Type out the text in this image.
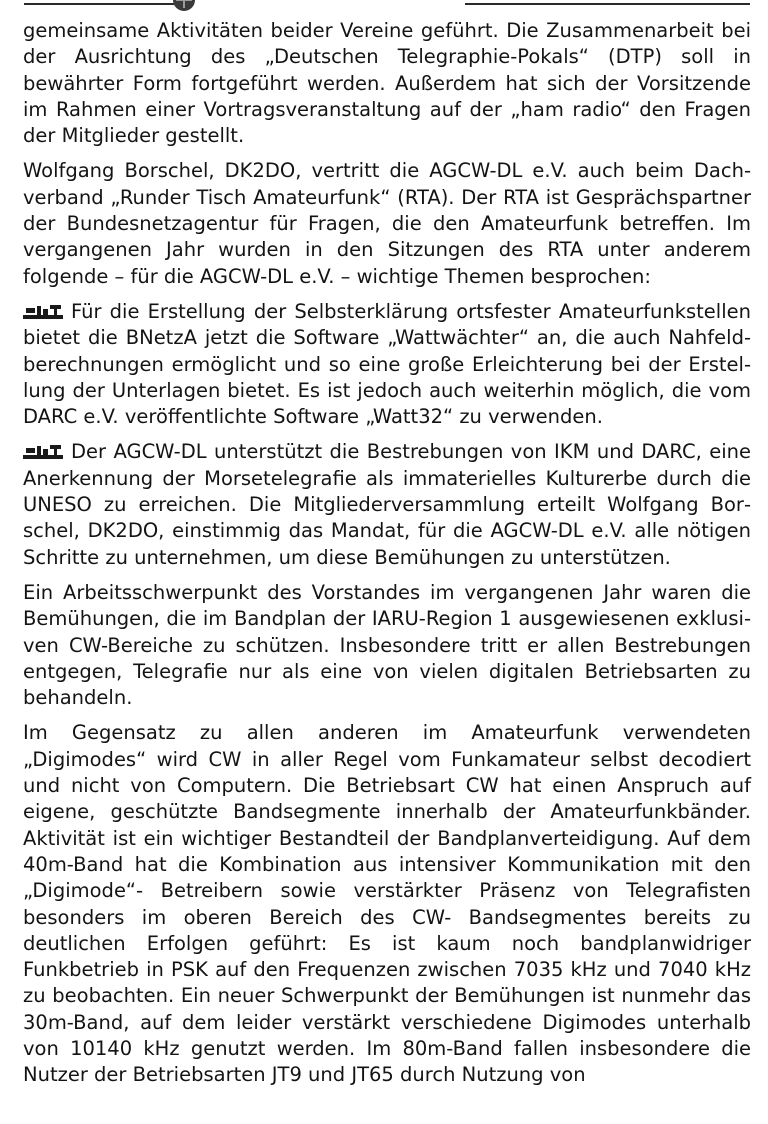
gemeinsame Aktivitäten beider Vereine geführt. Die Zusammenarbeit bei der Ausrichtung des „Deutschen Telegraphie-Pokals“ (DTP) soll in bewährter Form fortgeführt werden. Außerdem hat sich der Vorsitzende im Rahmen einer Vortragsveranstaltung auf der „ham radio“ den Fragen der Mitglieder gestellt.

Wolfgang Borschel, DK2DO, vertritt die AGCW-DL e.V. auch beim Dachverband „Runder Tisch Amateurfunk“ (RTA). Der RTA ist Gesprächspartner der Bundesnetzagentur für Fragen, die den Amateurfunk betreffen. Im vergangenen Jahr wurden in den Sitzungen des RTA unter anderem folgende – für die AGCW-DL e.V. – wichtige Themen besprochen:

Für die Erstellung der Selbsterklärung ortsfester Amateurfunkstellen bietet die BNetzA jetzt die Software „Wattwächter“ an, die auch Nahfeldberechnungen ermöglicht und so eine große Erleichterung bei der Erstellung der Unterlagen bietet. Es ist jedoch auch weiterhin möglich, die vom DARC e.V. veröffentlichte Software „Watt32“ zu verwenden.

Der AGCW-DL unterstützt die Bestrebungen von IKM und DARC, eine Anerkennung der Morsetelegrafie als immaterielles Kulturerbe durch die UNESO zu erreichen. Die Mitgliederversammlung erteilt Wolfgang Borschel, DK2DO, einstimmig das Mandat, für die AGCW-DL e.V. alle nötigen Schritte zu unternehmen, um diese Bemühungen zu unterstützen.

Ein Arbeitsschwerpunkt des Vorstandes im vergangenen Jahr waren die Bemühungen, die im Bandplan der IARU-Region 1 ausgewiesenen exklusiven CW-Bereiche zu schützen. Insbesondere tritt er allen Bestrebungen entgegen, Telegrafie nur als eine von vielen digitalen Betriebsarten zu behandeln.

Im Gegensatz zu allen anderen im Amateurfunk verwendeten „Digimodes“ wird CW in aller Regel vom Funkamateur selbst decodiert und nicht von Computern. Die Betriebsart CW hat einen Anspruch auf eigene, geschützte Bandsegmente innerhalb der Amateurfunkbänder. Aktivität ist ein wichtiger Bestandteil der Bandplanverteidigung. Auf dem 40m-Band hat die Kombination aus intensiver Kommunikation mit den „Digimode“- Betreibern sowie verstärkter Präsenz von Telegrafisten besonders im oberen Bereich des CW- Bandsegmentes bereits zu deutlichen Erfolgen geführt: Es ist kaum noch bandplanwidriger Funkbetrieb in PSK auf den Frequenzen zwischen 7035 kHz und 7040 kHz zu beobachten. Ein neuer Schwerpunkt der Bemühungen ist nunmehr das 30m-Band, auf dem leider verstärkt verschiedene Digimodes unterhalb von 10140 kHz genutzt werden. Im 80m-Band fallen insbesondere die Nutzer der Betriebsarten JT9 und JT65 durch Nutzung von
